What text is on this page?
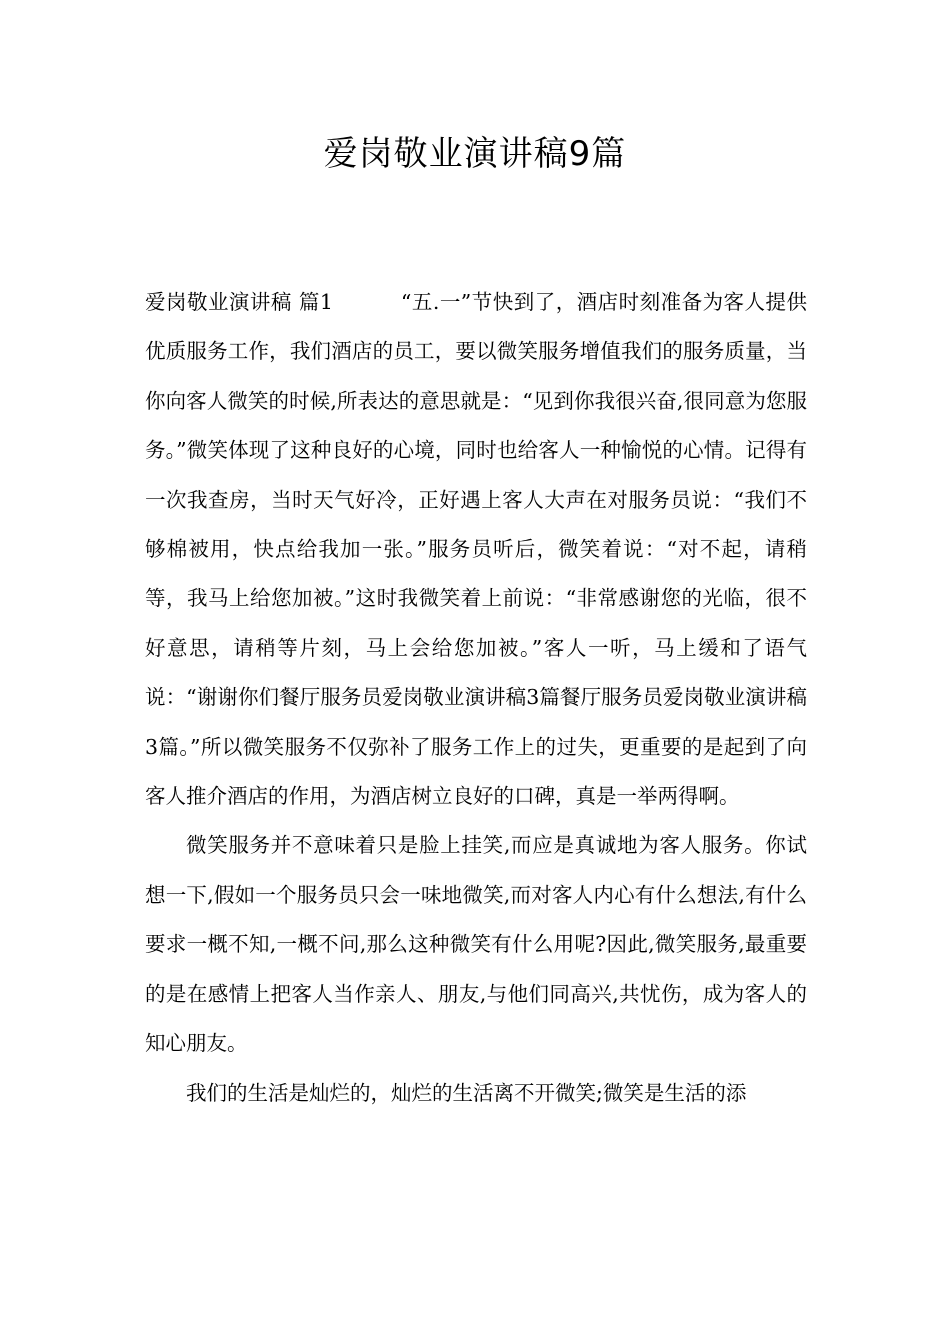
爱岗敬业演讲稿9篇

爱岗敬业演讲稿 篇1	“五.一”节快到了，酒店时刻准备为客人提供优质服务工作，我们酒店的员工，要以微笑服务增值我们的服务质量，当你向客人微笑的时候,所表达的意思就是：“见到你我很兴奋,很同意为您服务。”微笑体现了这种良好的心境，同时也给客人一种愉悦的心情。记得有一次我查房，当时天气好冷，正好遇上客人大声在对服务员说：“我们不够棉被用，快点给我加一张。”服务员听后，微笑着说：“对不起，请稍等，我马上给您加被。”这时我微笑着上前说：“非常感谢您的光临，很不好意思，请稍等片刻，马上会给您加被。”客人一听，马上缓和了语气说：“谢谢你们餐厅服务员爱岗敬业演讲稿3篇餐厅服务员爱岗敬业演讲稿3篇。”所以微笑服务不仅弥补了服务工作上的过失，更重要的是起到了向客人推介酒店的作用，为酒店树立良好的口碑，真是一举两得啊。

微笑服务并不意味着只是脸上挂笑,而应是真诚地为客人服务。你试想一下,假如一个服务员只会一味地微笑,而对客人内心有什么想法,有什么要求一概不知,一概不问,那么这种微笑有什么用呢?因此,微笑服务,最重要的是在感情上把客人当作亲人、朋友,与他们同高兴,共忧伤，成为客人的知心朋友。

我们的生活是灿烂的，灿烂的生活离不开微笑;微笑是生活的添
